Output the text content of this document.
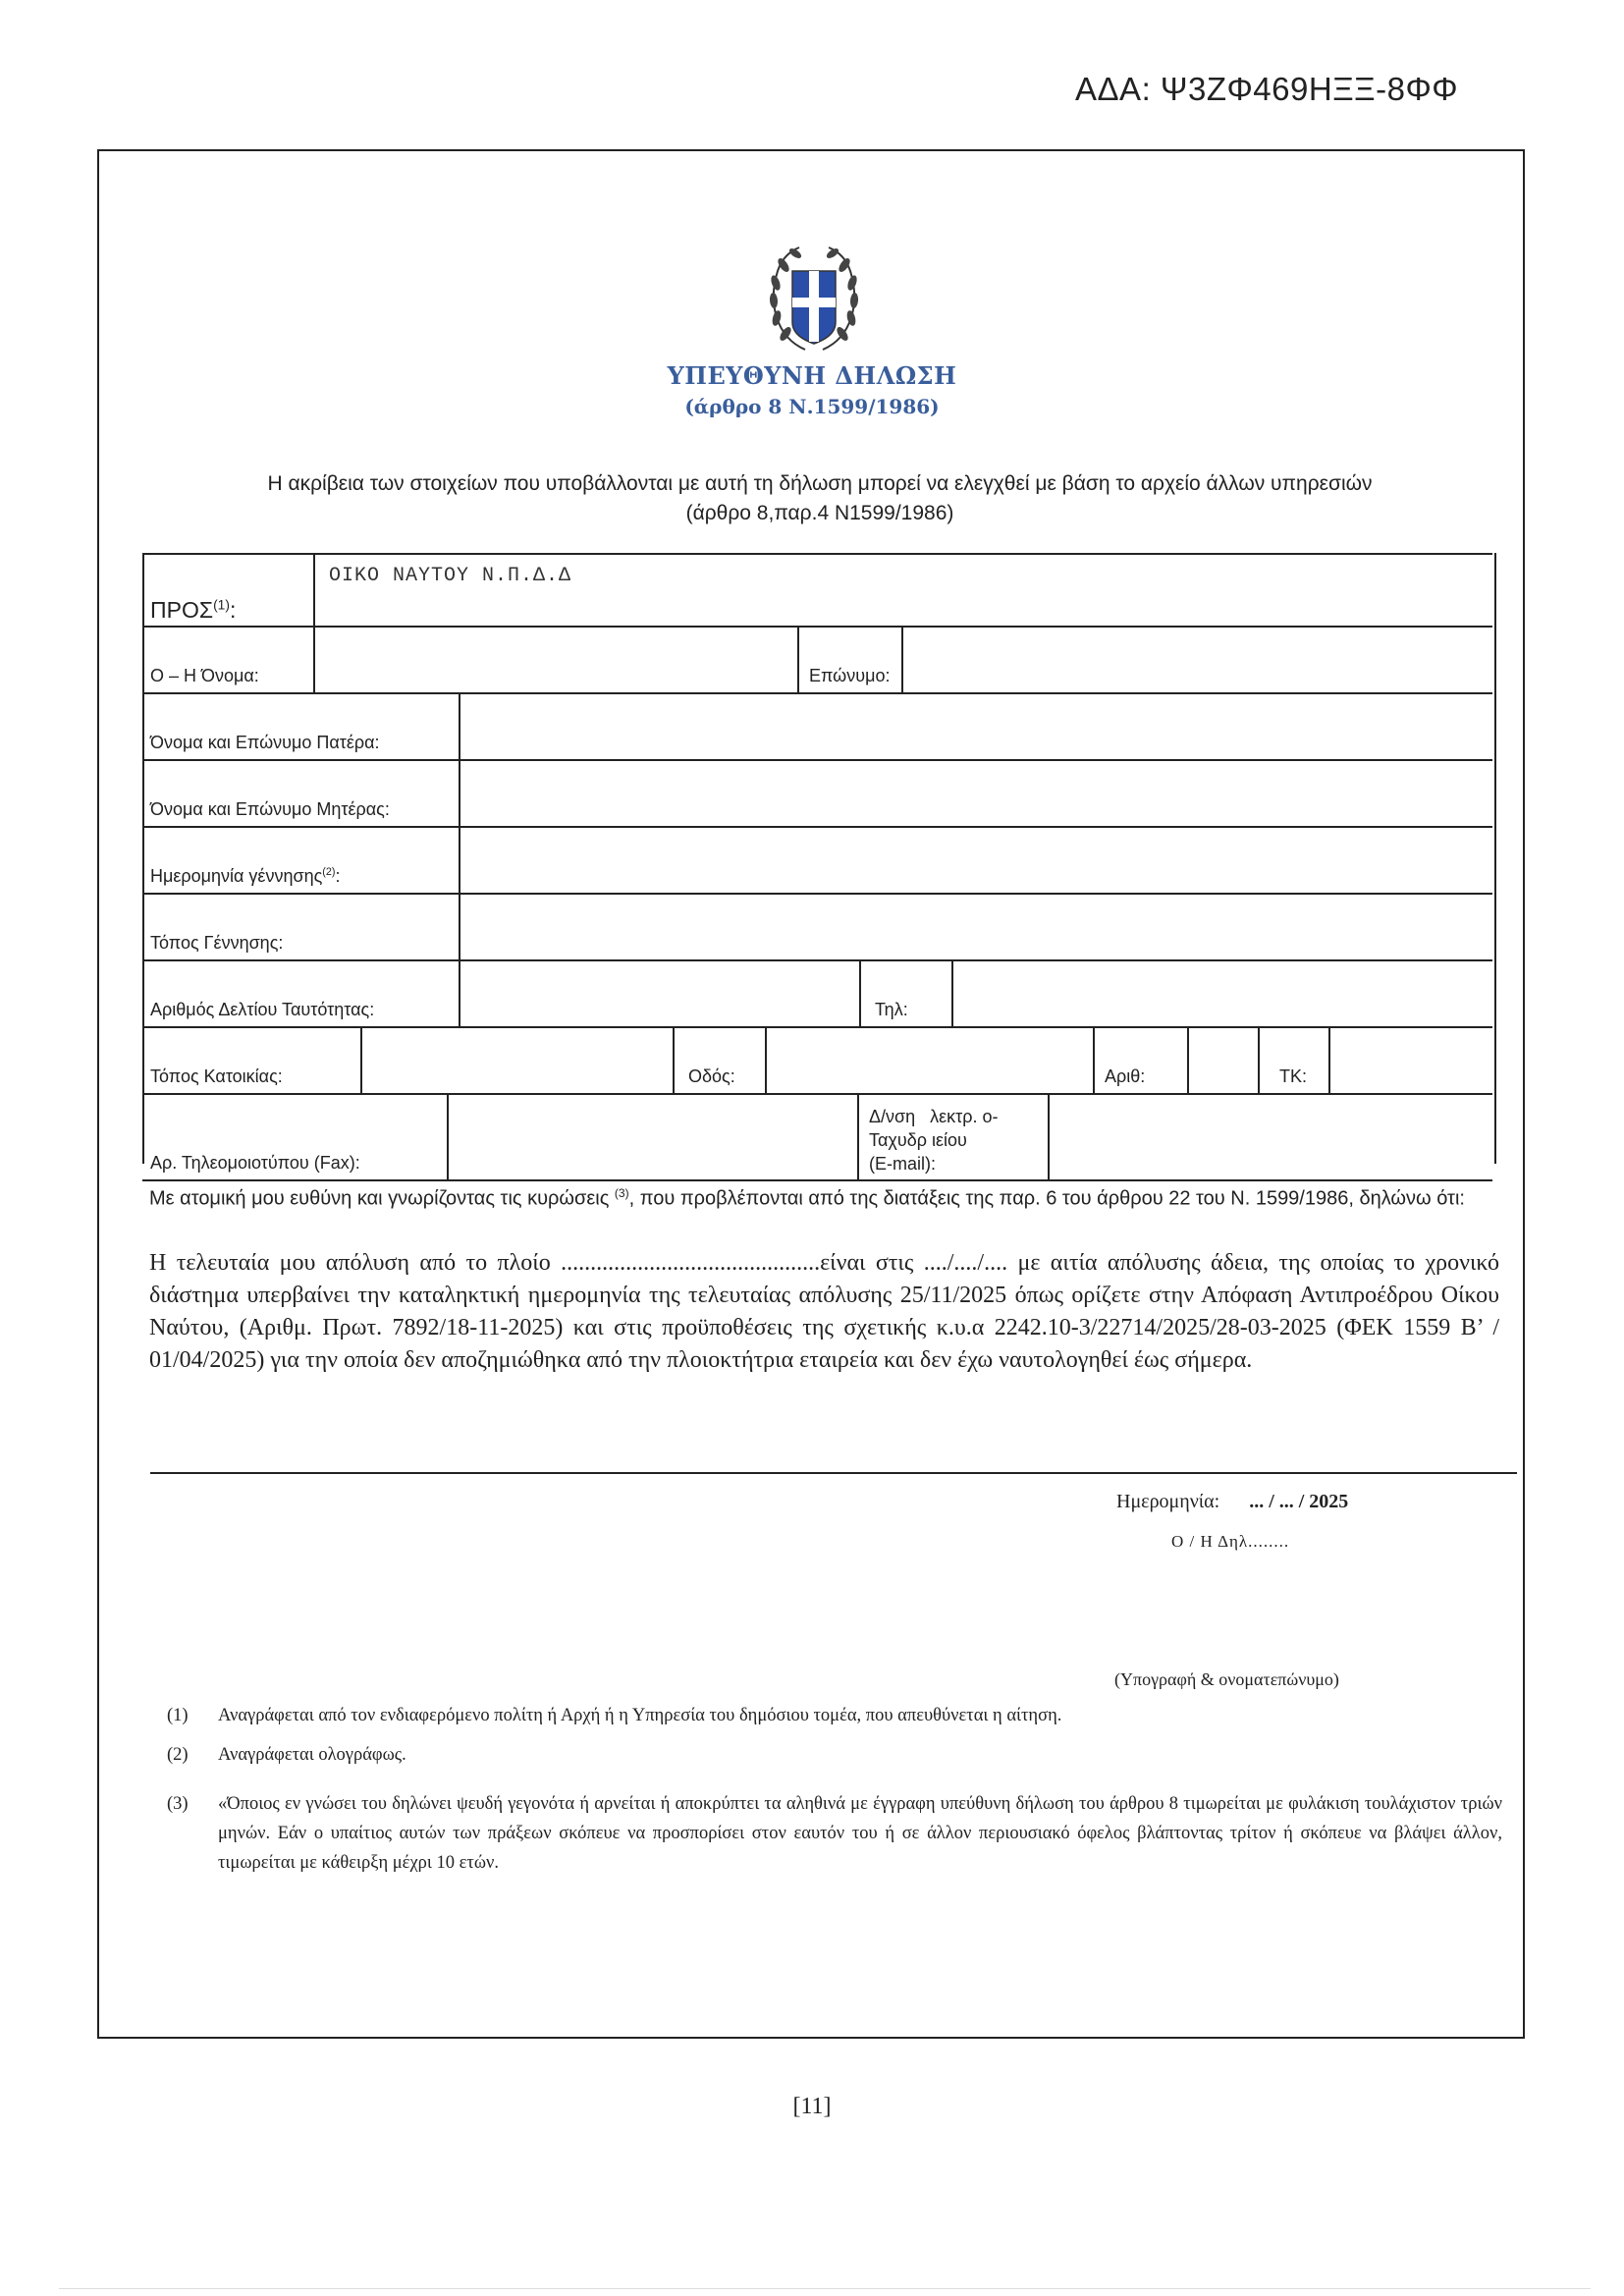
ΑΔΑ: Ψ3ΖΦ469ΗΞΞ-8ΦΦ
ΥΠΕΥΘΥΝΗ ΔΗΛΩΣΗ
(άρθρο 8 Ν.1599/1986)
Η ακρίβεια των στοιχείων που υποβάλλονται με αυτή τη δήλωση μπορεί να ελεγχθεί με βάση το αρχείο άλλων υπηρεσιών
(άρθρο 8,παρ.4 Ν1599/1986)
ΠΡΟΣ$^{(1)}$:
ΟΙΚΟ ΝΑΥΤΟΥ Ν.Π.Δ.Δ
Ο – Η Όνομα:	Επώνυμο:
Όνομα και Επώνυμο Πατέρα:
Όνομα και Επώνυμο Μητέρας:
Ημερομηνία γέννησης$^{(2)}$:
Τόπος Γέννησης:
Αριθμός Δελτίου Ταυτότητας:	Τηλ:
Τόπος Κατοικίας:	Οδός:	Αριθ:	ΤΚ:
Αρ. Τηλεομοιοτύπου (Fax):
Δ/νση   λεκτρ. ο-
Ταχυδρ ιείου
(E-mail):
Με ατομική μου ευθύνη και γνωρίζοντας τις κυρώσεις $^{(3)}$, που προβλέπονται από της διατάξεις της παρ. 6 του άρθρου 22 του Ν. 1599/1986, δηλώνω ότι:
Η τελευταία μου απόλυση από το πλοίο ............................................είναι στις ..../..../.... με αιτία απόλυσης άδεια, της οποίας το χρονικό διάστημα υπερβαίνει την καταληκτική ημερομηνία της τελευταίας απόλυσης 25/11/2025 όπως ορίζετε στην Απόφαση Αντιπροέδρου Οίκου Ναύτου, (Αριθμ. Πρωτ. 7892/18-11-2025) και στις προϋποθέσεις της σχετικής κ.υ.α 2242.10-3/22714/2025/28-03-2025 (ΦΕΚ 1559 Β’ / 01/04/2025) για την οποία δεν αποζημιώθηκα από την πλοιοκτήτρια εταιρεία και δεν έχω ναυτολογηθεί έως σήμερα.
Ημερομηνία: ... / ... / 2025
Ο / Η Δηλ........
(Υπογραφή & ονοματεπώνυμο)
(1)	Αναγράφεται από τον ενδιαφερόμενο πολίτη ή Αρχή ή η Υπηρεσία του δημόσιου τομέα, που απευθύνεται η αίτηση.
(2)	Αναγράφεται ολογράφως.
(3)	«Όποιος εν γνώσει του δηλώνει ψευδή γεγονότα ή αρνείται ή αποκρύπτει τα αληθινά με έγγραφη υπεύθυνη δήλωση του άρθρου 8 τιμωρείται με φυλάκιση τουλάχιστον τριών μηνών. Εάν ο υπαίτιος αυτών των πράξεων σκόπευε να προσπορίσει στον εαυτόν του ή σε άλλον περιουσιακό όφελος βλάπτοντας τρίτον ή σκόπευε να βλάψει άλλον, τιμωρείται με κάθειρξη μέχρι 10 ετών.
[11]
